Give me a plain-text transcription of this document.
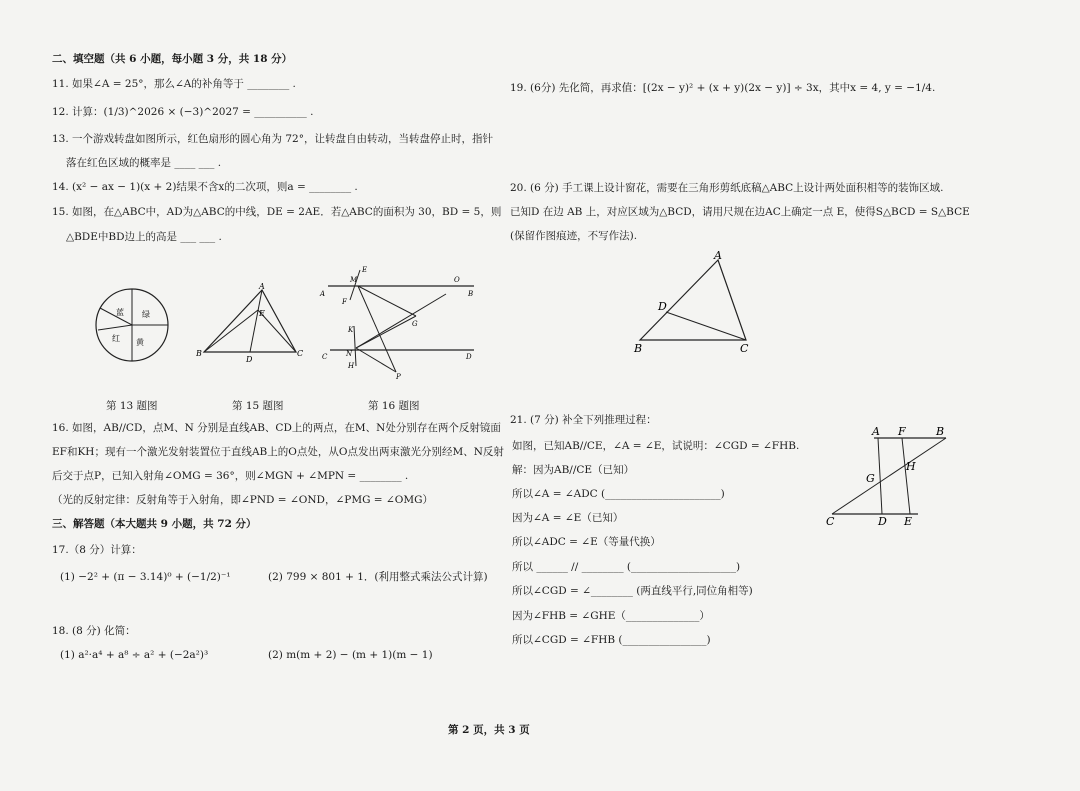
二、填空题（共 6 小题，每小题 3 分，共 18 分）
11. 如果∠A = 25°，那么∠A的补角等于 ________ .
12. 计算：(1/3)^2026 × (−3)^2027 = __________ .
13. 一个游戏转盘如图所示，红色扇形的圆心角为 72°，让转盘自由转动，当转盘停止时，指针
落在红色区域的概率是 ____ ___ .
14. (x² − ax − 1)(x + 2)结果不含x的二次项，则a = ________ .
15. 如图，在△ABC中，AD为△ABC的中线，DE = 2AE．若△ABC的面积为 30，BD = 5，则
△BDE中BD边上的高是 ___ ___ .
蓝 绿
黄
红
A
E
B
D
C
E
M	O
A	B
F
G
K
N
C	D
H
P
第 13 题图	第 15 题图	第 16 题图
16. 如图，AB//CD，点M、N 分别是直线AB、CD上的两点，在M、N处分别存在两个反射镜面
EF和KH；现有一个激光发射装置位于直线AB上的O点处，从O点发出两束激光分别经M、N反射
后交于点P，已知入射角∠OMG = 36°，则∠MGN + ∠MPN = ________ .
（光的反射定律：反射角等于入射角，即∠PND = ∠OND，∠PMG = ∠OMG）
三、解答题（本大题共 9 小题，共 72 分）
17.（8 分）计算：
(1) −2² + (π − 3.14)⁰ + (−1/2)⁻¹	(2) 799 × 801 + 1．(利用整式乘法公式计算)
18. (8 分) 化简：
(1) a²·a⁴ + a⁸ ÷ a² + (−2a²)³	(2) m(m + 2) − (m + 1)(m − 1)
19. (6分) 先化简，再求值：[(2x − y)² + (x + y)(2x − y)] ÷ 3x，其中x = 4, y = −1/4.
20. (6 分) 手工课上设计窗花，需要在三角形剪纸底稿△ABC上设计两处面积相等的装饰区域.
已知D 在边 AB 上，对应区域为△BCD，请用尺规在边AC上确定一点 E，使得S△BCD = S△BCE
(保留作图痕迹，不写作法).
A
D
B	C
21. (7 分) 补全下列推理过程：
如图，已知AB//CE，∠A = ∠E，试说明：∠CGD = ∠FHB.
解：因为AB//CE（已知）
所以∠A = ∠ADC (______________________)
因为∠A = ∠E（已知）
所以∠ADC = ∠E（等量代换）
所以 ______ // ________ (____________________)
所以∠CGD = ∠________ (两直线平行,同位角相等)
因为∠FHB = ∠GHE（______________）
所以∠CGD = ∠FHB (________________)
A F	B
G
H
C	D E
第 2 页，共 3 页
